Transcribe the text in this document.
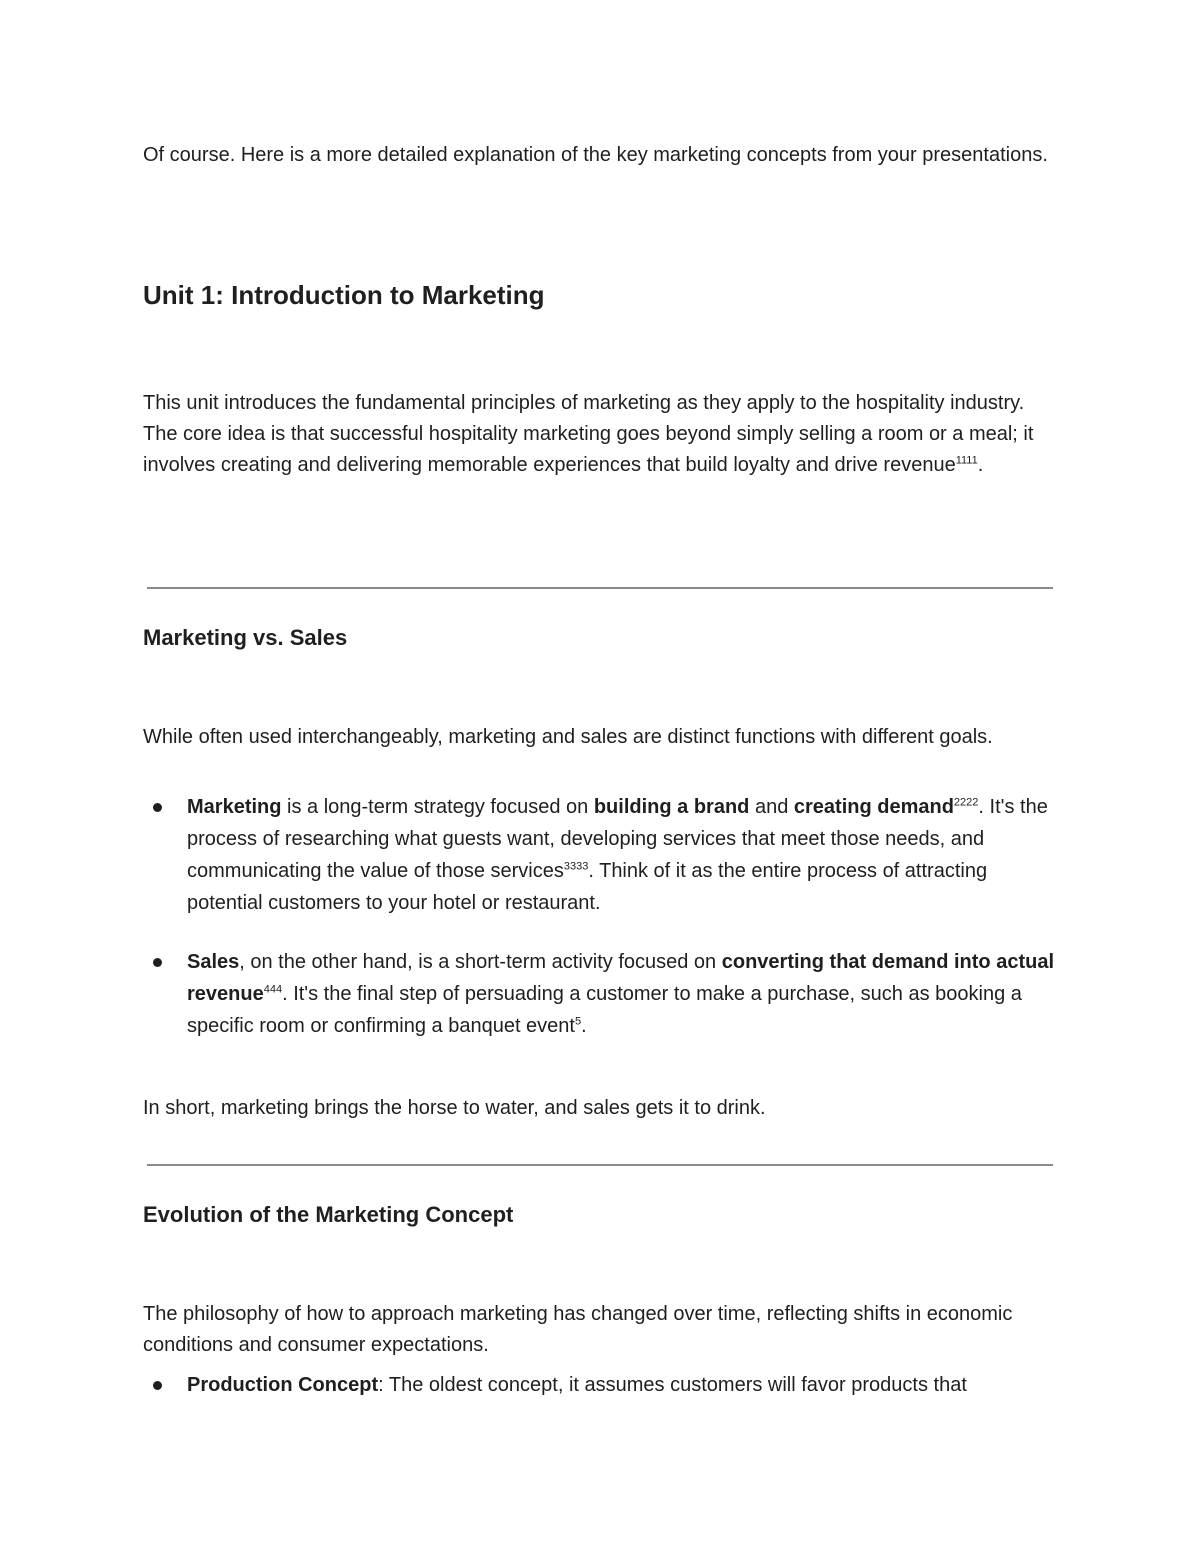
Of course. Here is a more detailed explanation of the key marketing concepts from your presentations.

Unit 1: Introduction to Marketing

This unit introduces the fundamental principles of marketing as they apply to the hospitality industry. The core idea is that successful hospitality marketing goes beyond simply selling a room or a meal; it involves creating and delivering memorable experiences that build loyalty and drive revenue$^{1111}$.

Marketing vs. Sales

While often used interchangeably, marketing and sales are distinct functions with different goals.

Marketing is a long-term strategy focused on building a brand and creating demand$^{2222}$. It's the process of researching what guests want, developing services that meet those needs, and communicating the value of those services$^{3333}$. Think of it as the entire process of attracting potential customers to your hotel or restaurant.
Sales, on the other hand, is a short-term activity focused on converting that demand into actual revenue$^{444}$. It's the final step of persuading a customer to make a purchase, such as booking a specific room or confirming a banquet event$^5$.

In short, marketing brings the horse to water, and sales gets it to drink.

Evolution of the Marketing Concept

The philosophy of how to approach marketing has changed over time, reflecting shifts in economic conditions and consumer expectations.

Production Concept: The oldest concept, it assumes customers will favor products that
